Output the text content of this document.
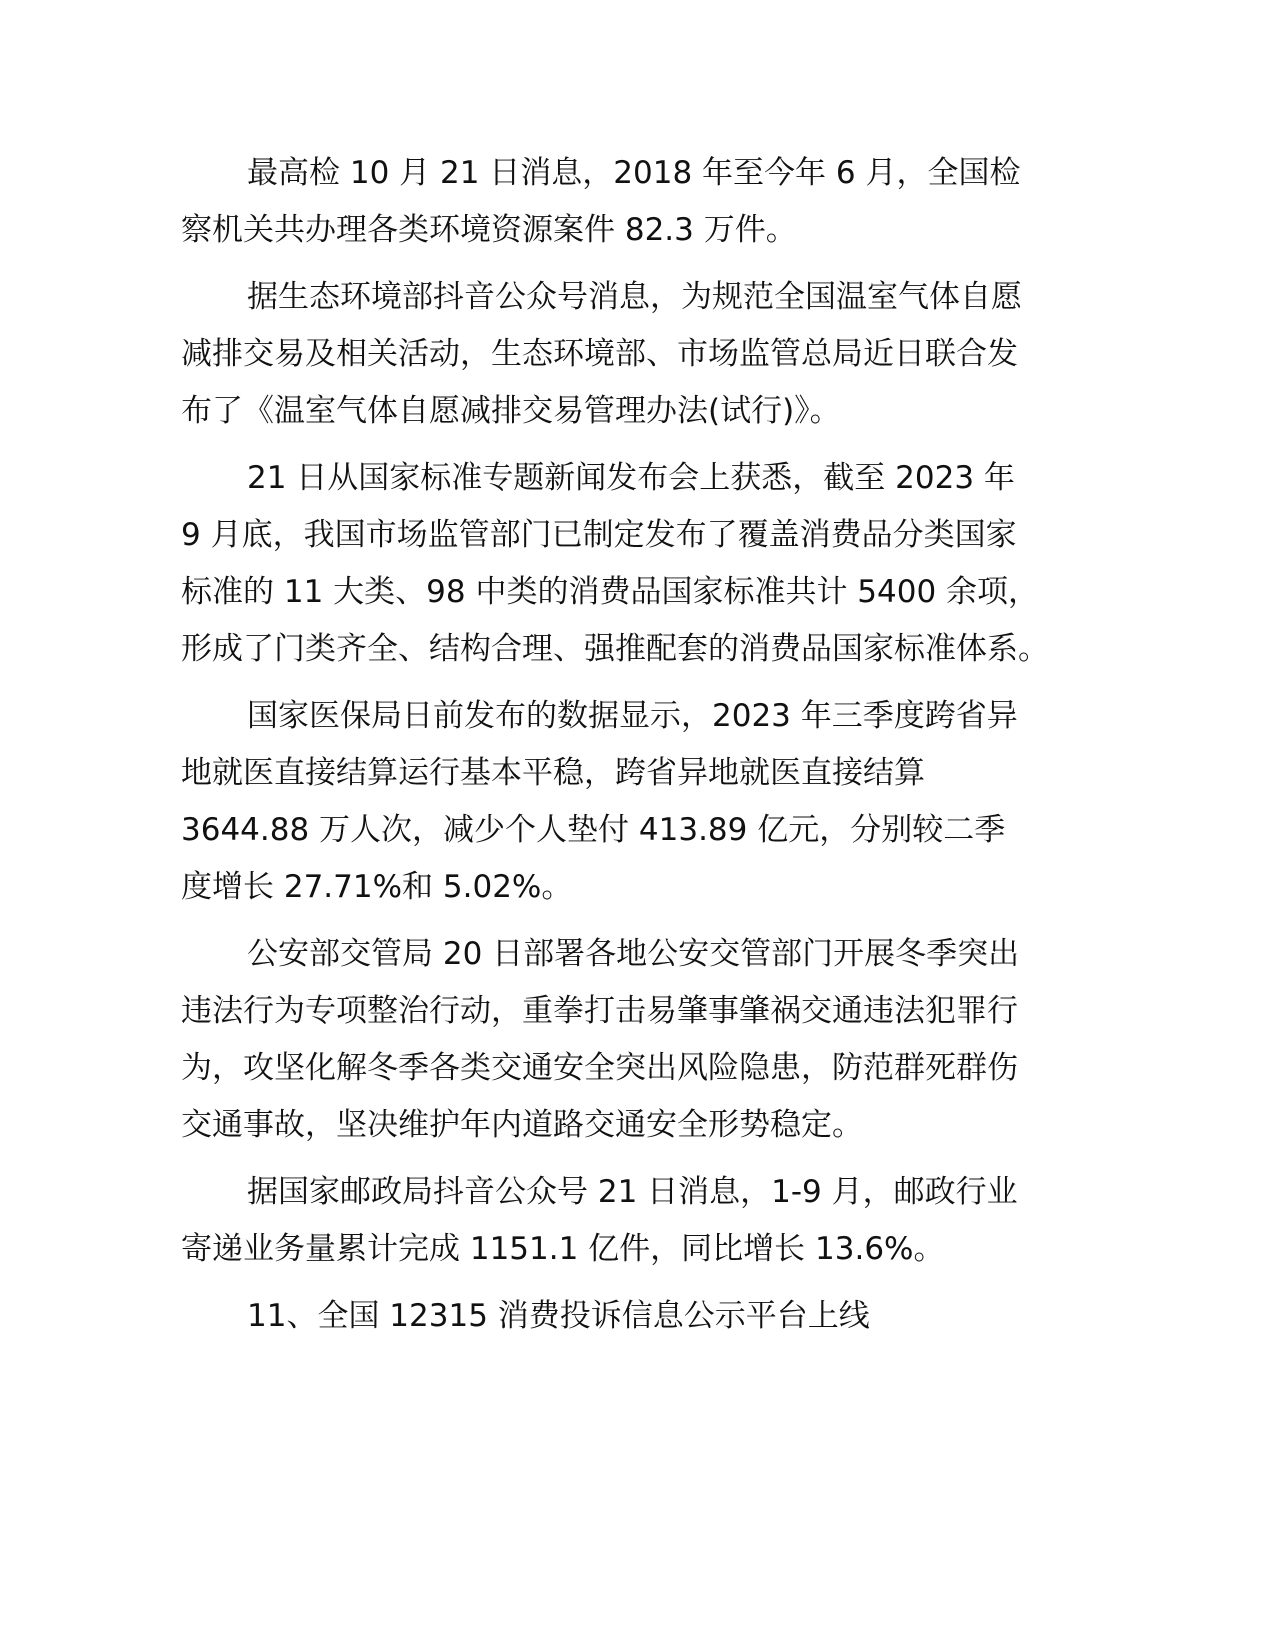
最高检 10 月 21 日消息，2018 年至今年 6 月，全国检
察机关共办理各类环境资源案件 82.3 万件。
据生态环境部抖音公众号消息，为规范全国温室气体自愿
减排交易及相关活动，生态环境部、市场监管总局近日联合发
布了《温室气体自愿减排交易管理办法(试行)》。
21 日从国家标准专题新闻发布会上获悉，截至 2023 年
9 月底，我国市场监管部门已制定发布了覆盖消费品分类国家
标准的 11 大类、98 中类的消费品国家标准共计 5400 余项，
形成了门类齐全、结构合理、强推配套的消费品国家标准体系。
国家医保局日前发布的数据显示，2023 年三季度跨省异
地就医直接结算运行基本平稳，跨省异地就医直接结算
3644.88 万人次，减少个人垫付 413.89 亿元，分别较二季
度增长 27.71%和 5.02%。
公安部交管局 20 日部署各地公安交管部门开展冬季突出
违法行为专项整治行动，重拳打击易肇事肇祸交通违法犯罪行
为，攻坚化解冬季各类交通安全突出风险隐患，防范群死群伤
交通事故，坚决维护年内道路交通安全形势稳定。
据国家邮政局抖音公众号 21 日消息，1-9 月，邮政行业
寄递业务量累计完成 1151.1 亿件，同比增长 13.6%。
11、全国 12315 消费投诉信息公示平台上线
